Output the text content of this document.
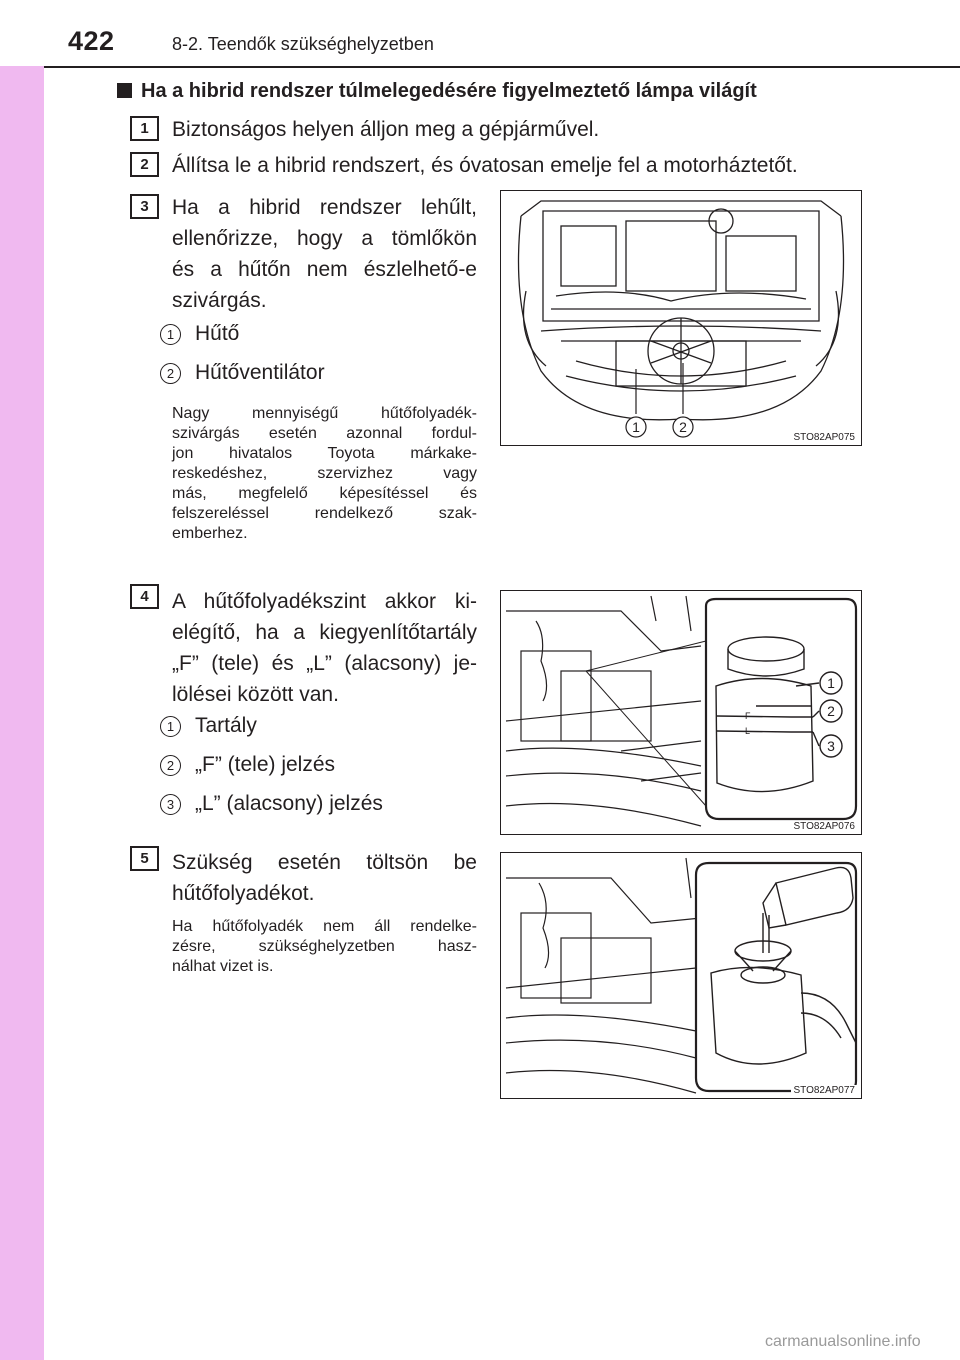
422	8-2. Teendők szükséghelyzetben
Ha a hibrid rendszer túlmelegedésére figyelmeztető lámpa világít
1	Biztonságos helyen álljon meg a gépjárművel.
2	Állítsa le a hibrid rendszert, és óvatosan emelje fel a motorháztetőt.
3	Ha a hibrid rendszer lehűlt,
ellenőrizze, hogy a tömlőkön
és a hűtőn nem észlelhető-e
szivárgás.
1 Hűtő
2 Hűtőventilátor
Nagy mennyiségű hűtőfolyadék-
szivárgás esetén azonnal fordul-
jon hivatalos Toyota márkake-
reskedéshez, szervizhez vagy
más, megfelelő képesítéssel és
felszereléssel rendelkező szak-
emberhez.
1	2
STO82AP075
4	A hűtőfolyadékszint akkor ki-
elégítő, ha a kiegyenlítőtartály
„F” (tele) és „L” (alacsony) je-
lölései között van.
1 Tartály
2 „F” (tele) jelzés
3 „L” (alacsony) jelzés
F
L
1
2
3
STO82AP076
5	Szükség esetén töltsön be
hűtőfolyadékot.
Ha hűtőfolyadék nem áll rendelke-
zésre, szükséghelyzetben hasz-
nálhat vizet is.
STO82AP077
carmanualsonline.info
